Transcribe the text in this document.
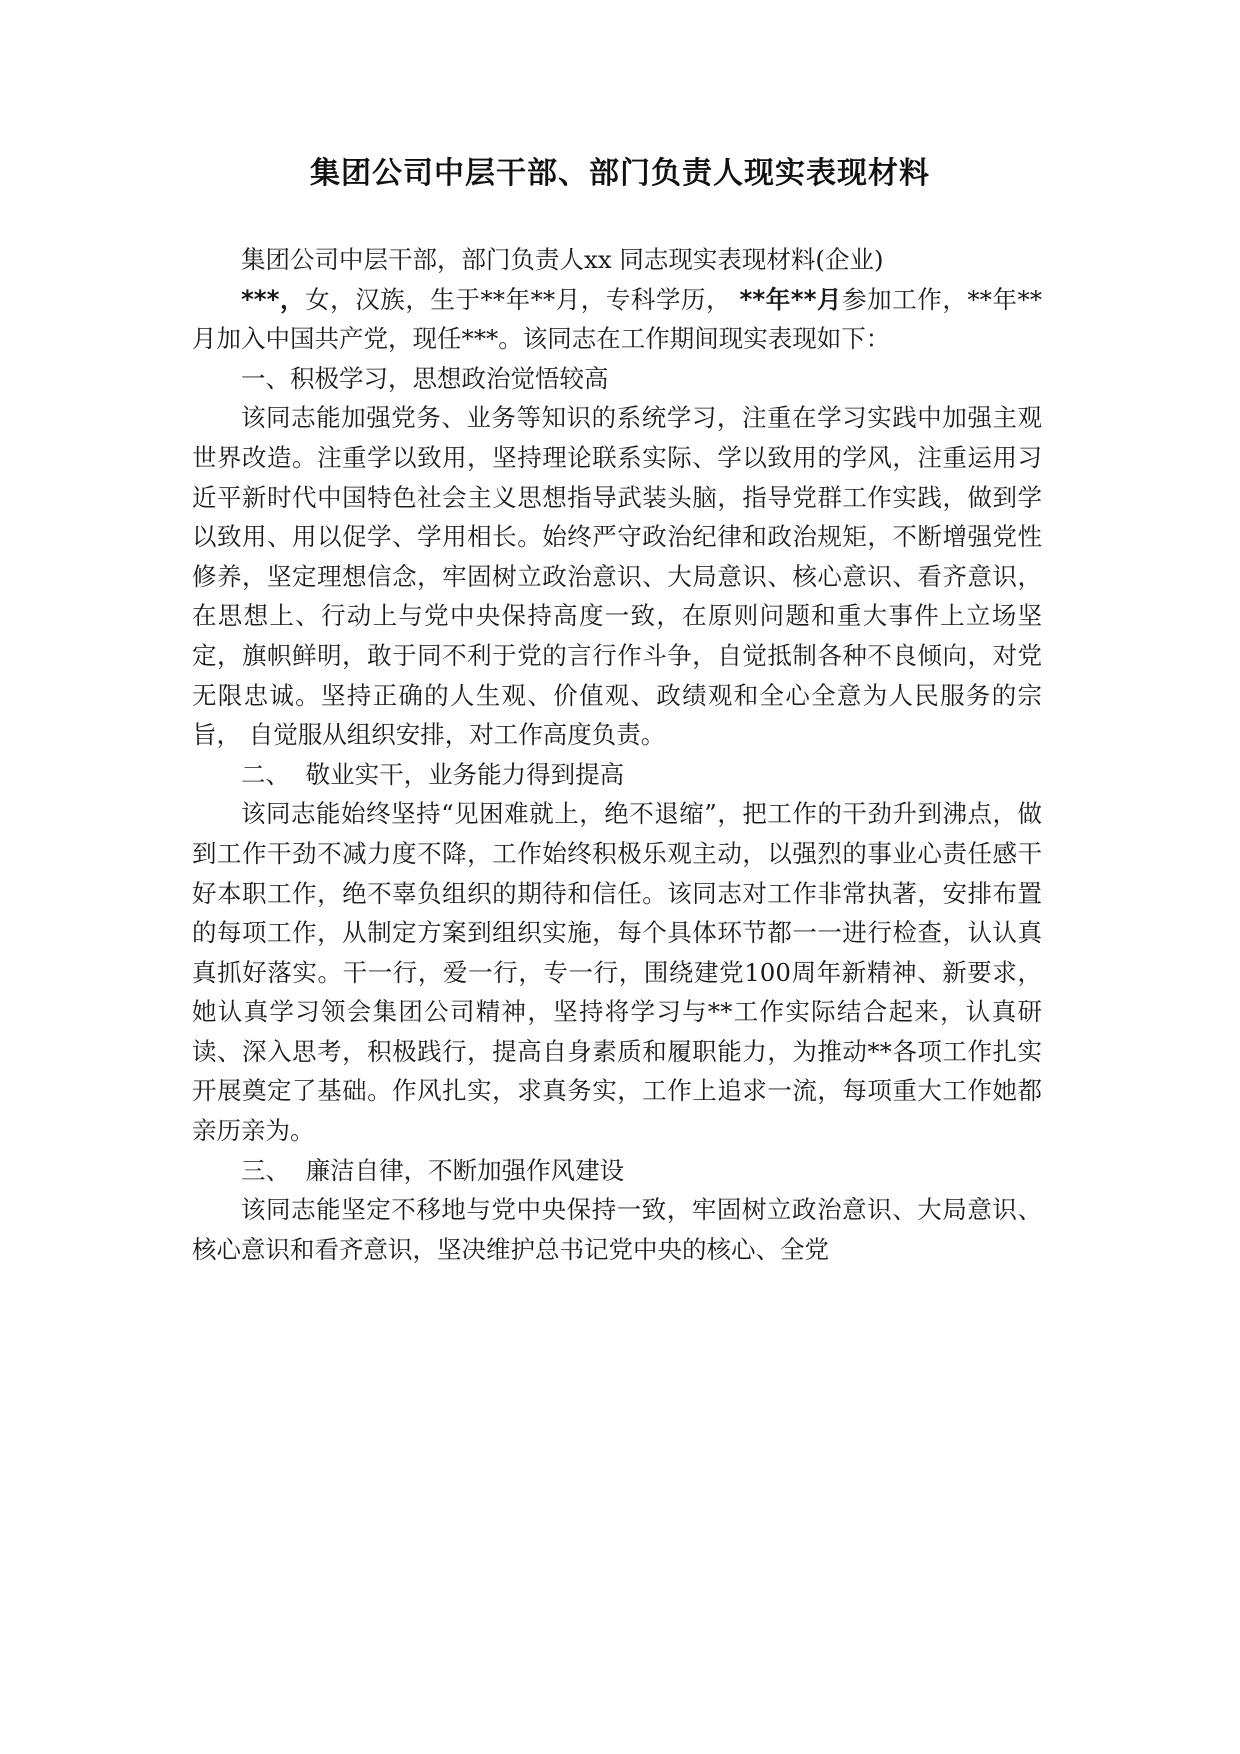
集团公司中层干部、部门负责人现实表现材料

集团公司中层干部，部门负责人xx 同志现实表现材料(企业)

***，女，汉族，生于**年**月，专科学历， **年**月参加工作，**年**月加入中国共产党，现任***。该同志在工作期间现实表现如下：

一、积极学习，思想政治觉悟较高

该同志能加强党务、业务等知识的系统学习，注重在学习实践中加强主观世界改造。注重学以致用，坚持理论联系实际、学以致用的学风，注重运用习近平新时代中国特色社会主义思想指导武装头脑，指导党群工作实践，做到学以致用、用以促学、学用相长。始终严守政治纪律和政治规矩，不断增强党性修养，坚定理想信念，牢固树立政治意识、大局意识、核心意识、看齐意识，在思想上、行动上与党中央保持高度一致，在原则问题和重大事件上立场坚定，旗帜鲜明，敢于同不利于党的言行作斗争，自觉抵制各种不良倾向，对党无限忠诚。坚持正确的人生观、价值观、政绩观和全心全意为人民服务的宗旨， 自觉服从组织安排，对工作高度负责。

二、  敬业实干，业务能力得到提高

该同志能始终坚持“见困难就上，绝不退缩”，把工作的干劲升到沸点，做到工作干劲不减力度不降，工作始终积极乐观主动，以强烈的事业心责任感干好本职工作，绝不辜负组织的期待和信任。该同志对工作非常执著，安排布置的每项工作，从制定方案到组织实施，每个具体环节都一一进行检查，认认真真抓好落实。干一行，爱一行，专一行，围绕建党100周年新精神、新要求，她认真学习领会集团公司精神，坚持将学习与**工作实际结合起来，认真研读、深入思考，积极践行，提高自身素质和履职能力，为推动**各项工作扎实开展奠定了基础。作风扎实，求真务实，工作上追求一流，每项重大工作她都亲历亲为。

三、  廉洁自律，不断加强作风建设

该同志能坚定不移地与党中央保持一致，牢固树立政治意识、大局意识、核心意识和看齐意识，坚决维护总书记党中央的核心、全党
